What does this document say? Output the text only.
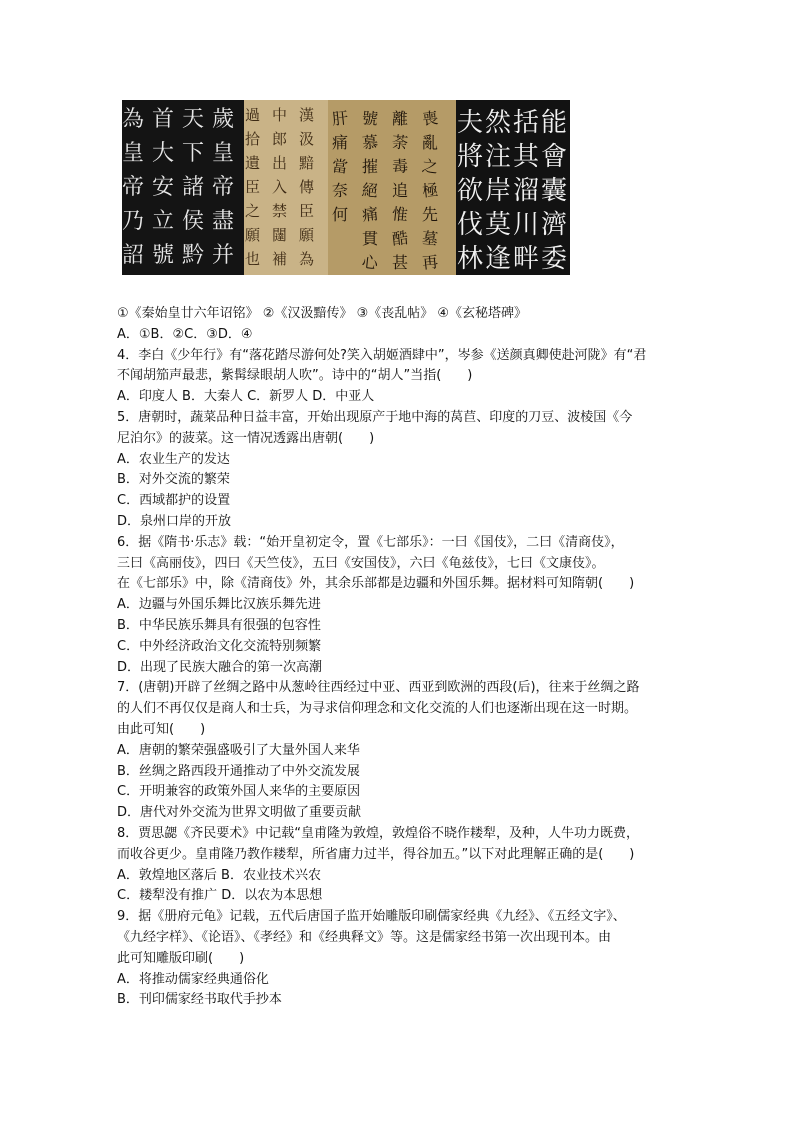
歲
皇
帝
盡
并
天
下
諸
侯
黔
首
大
安
立
號
為
皇
帝
乃
詔
漢
汲
黯
傳
臣
願
為
中
郎
出
入
禁
闥
補
過
拾
遺
臣
之
願
也
喪
亂
之
極
先
墓
再
離
荼
毒
追
惟
酷
甚
號
慕
摧
絕
痛
貫
心
肝
痛
當
奈
何
能
會
囊
濟
委
括
其
溜
川
畔
然
注
岸
莫
逢
夫
將
欲
伐
林
①《秦始皇廿六年诏铭》 ②《汉汲黯传》 ③《丧乱帖》 ④《玄秘塔碑》
A．①B．②C．③D．④
4．李白《少年行》有“落花踏尽游何处?笑入胡姬酒肆中”，岑参《送颜真卿使赴河陇》有“君
不闻胡笳声最悲，紫髯绿眼胡人吹”。诗中的“胡人”当指(　　)
A．印度人 B．大秦人 C．新罗人 D．中亚人
5．唐朝时，蔬菜品种日益丰富，开始出现原产于地中海的莴苣、印度的刀豆、波棱国《今
尼泊尔》的菠菜。这一情况透露出唐朝(　　)
A．农业生产的发达
B．对外交流的繁荣
C．西域都护的设置
D．泉州口岸的开放
6．据《隋书·乐志》载：“始开皇初定令，置《七部乐》：一曰《国伎》，二曰《清商伎》，
三曰《高丽伎》，四曰《天竺伎》，五曰《安国伎》，六曰《龟兹伎》，七曰《文康伎》。
在《七部乐》中，除《清商伎》外，其余乐部都是边疆和外国乐舞。据材料可知隋朝(　　)
A．边疆与外国乐舞比汉族乐舞先进
B．中华民族乐舞具有很强的包容性
C．中外经济政治文化交流特别频繁
D．出现了民族大融合的第一次高潮
7．(唐朝)开辟了丝绸之路中从葱岭往西经过中亚、西亚到欧洲的西段(后)，往来于丝绸之路
的人们不再仅仅是商人和士兵，为寻求信仰理念和文化交流的人们也逐渐出现在这一时期。
由此可知(　　)
A．唐朝的繁荣强盛吸引了大量外国人来华
B．丝绸之路西段开通推动了中外交流发展
C．开明兼容的政策外国人来华的主要原因
D．唐代对外交流为世界文明做了重要贡献
8．贾思勰《齐民要术》中记载“皇甫隆为敦煌，敦煌俗不晓作耧犁，及种，人牛功力既费，
而收谷更少。皇甫隆乃教作耧犁，所省庸力过半，得谷加五。”以下对此理解正确的是(　　)
A．敦煌地区落后 B．农业技术兴农
C．耧犁没有推广 D．以农为本思想
9．据《册府元龟》记载，五代后唐国子监开始雕版印刷儒家经典《九经》、《五经文字》、
《九经字样》、《论语》、《孝经》和《经典释文》等。这是儒家经书第一次出现刊本。由
此可知雕版印刷(　　)
A．将推动儒家经典通俗化
B．刊印儒家经书取代手抄本
